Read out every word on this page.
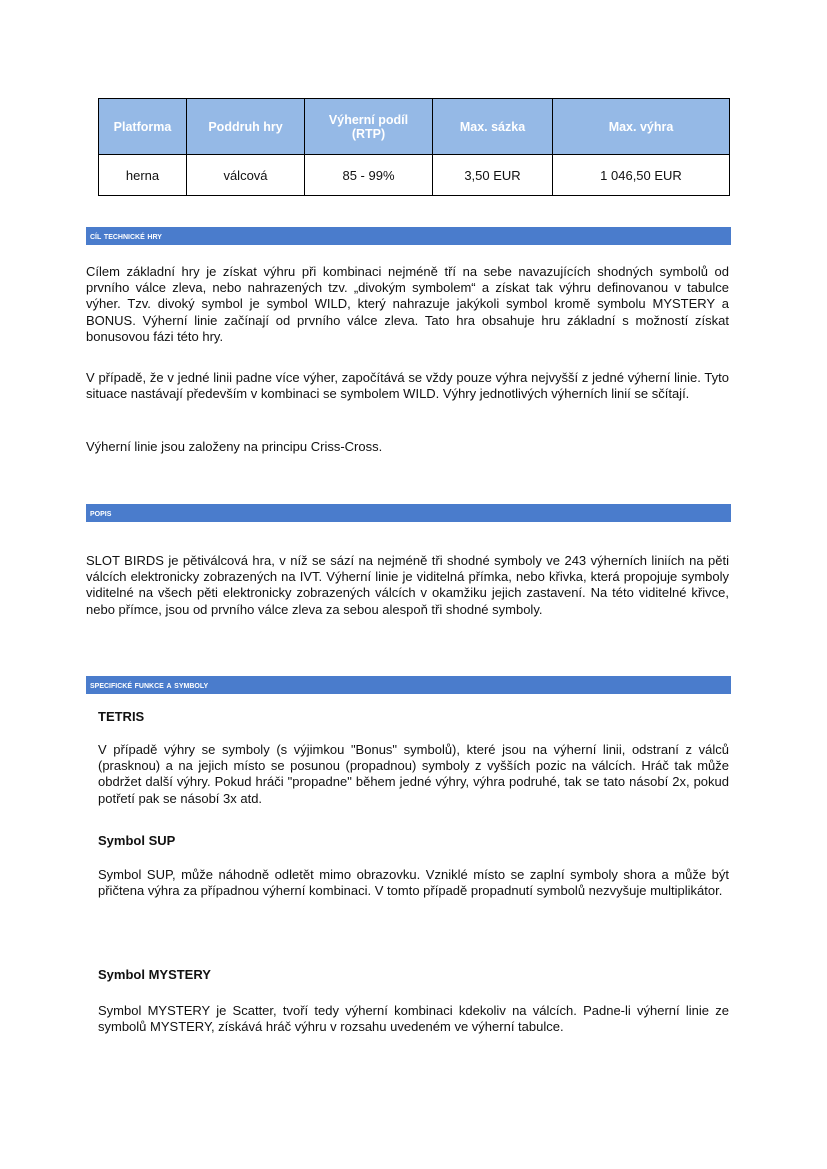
Platforma	Poddruh hry	Výherní podíl (RTP)	Max. sázka	Max. výhra
herna	válcová	85 - 99%	3,50 EUR	1 046,50 EUR
cíl technické hry

Cílem základní hry je získat výhru při kombinaci nejméně tří na sebe navazujících shodných symbolů od prvního válce zleva, nebo nahrazených tzv. „divokým symbolem“ a získat tak výhru definovanou v tabulce výher. Tzv. divoký symbol je symbol WILD, který nahrazuje jakýkoli symbol kromě symbolu MYSTERY a BONUS. Výherní linie začínají od prvního válce zleva. Tato hra obsahuje hru základní s možností získat bonusovou fázi této hry.

V případě, že v jedné linii padne více výher, započítává se vždy pouze výhra nejvyšší z jedné výherní linie. Tyto situace nastávají především v kombinaci se symbolem WILD. Výhry jednotlivých výherních linií se sčítají.

Výherní linie jsou založeny na principu Criss-Cross.

popis

SLOT BIRDS je pětiválcová hra, v níž se sází na nejméně tři shodné symboly ve 243 výherních liniích na pěti válcích elektronicky zobrazených na IVT. Výherní linie je viditelná přímka, nebo křivka, která propojuje symboly viditelné na všech pěti elektronicky zobrazených válcích v okamžiku jejich zastavení. Na této viditelné křivce, nebo přímce, jsou od prvního válce zleva za sebou alespoň tři shodné symboly.

specifické funkce a symboly

TETRIS

V případě výhry se symboly (s výjimkou "Bonus" symbolů), které jsou na výherní linii, odstraní z válců (prasknou) a na jejich místo se posunou (propadnou) symboly z vyšších pozic na válcích. Hráč tak může obdržet další výhry. Pokud hráči "propadne" během jedné výhry, výhra podruhé, tak se tato násobí 2x, pokud potřetí pak se násobí 3x atd.

Symbol SUP

Symbol SUP, může náhodně odletět mimo obrazovku. Vzniklé místo se zaplní symboly shora a může být přičtena výhra za případnou výherní kombinaci. V tomto případě propadnutí symbolů nezvyšuje multiplikátor.

Symbol MYSTERY

Symbol MYSTERY je Scatter, tvoří tedy výherní kombinaci kdekoliv na válcích. Padne-li výherní linie ze symbolů MYSTERY, získává hráč výhru v rozsahu uvedeném ve výherní tabulce.
